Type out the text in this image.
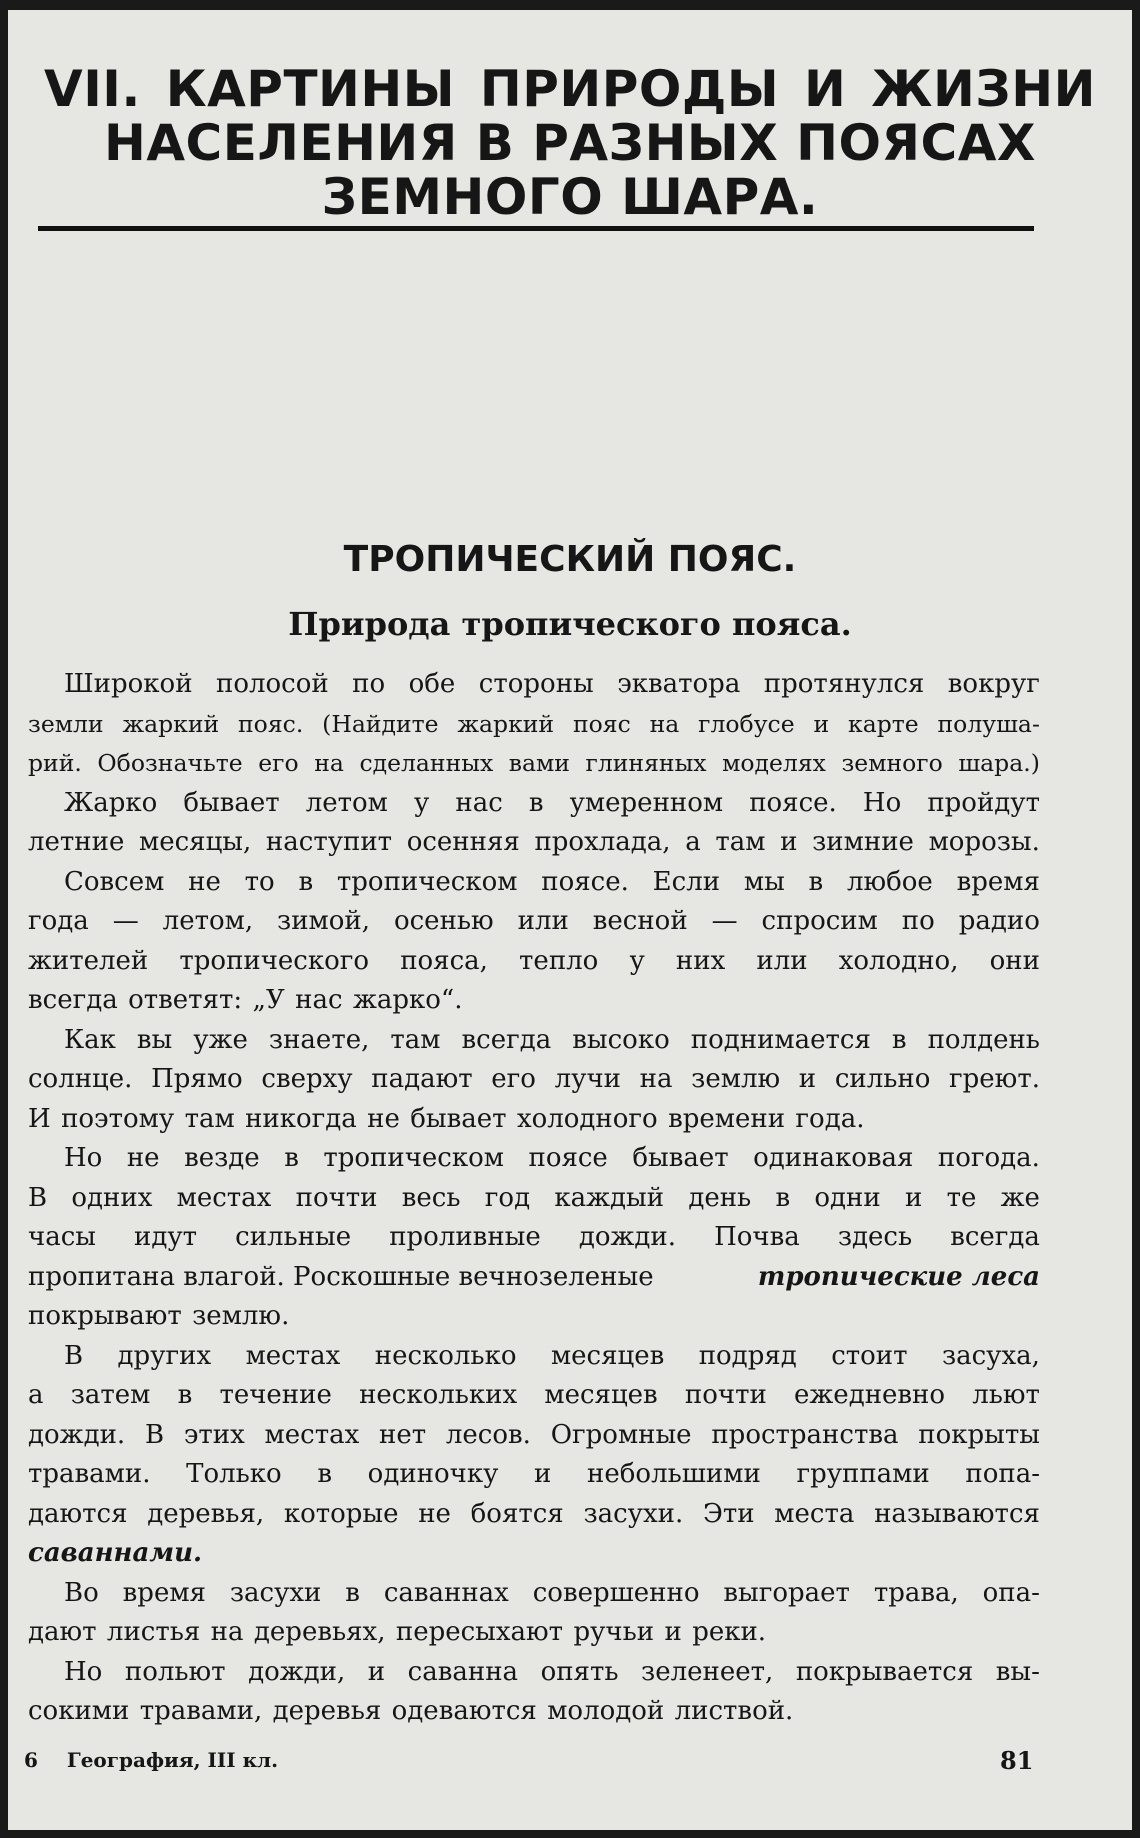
VII. КАРТИНЫ ПРИРОДЫ И ЖИЗНИ
НАСЕЛЕНИЯ В РАЗНЫХ ПОЯСАХ
ЗЕМНОГО ШАРА.
ТРОПИЧЕСКИЙ ПОЯС.
Природа тропического пояса.
Широкой полосой по обе стороны экватора протянулся вокруг
земли жаркий пояс. (Найдите жаркий пояс на глобусе и карте полуша-
рий. Обозначьте его на сделанных вами глиняных моделях земного шара.)
Жарко бывает летом у нас в умеренном поясе. Но пройдут
летние месяцы, наступит осенняя прохлада, а там и зимние морозы.
Совсем не то в тропическом поясе. Если мы в любое время
года — летом, зимой, осенью или весной — спросим по радио
жителей тропического пояса, тепло у них или холодно, они
всегда ответят: „У нас жарко“.
Как вы уже знаете, там всегда высоко поднимается в полдень
солнце. Прямо сверху падают его лучи на землю и сильно греют.
И поэтому там никогда не бывает холодного времени года.
Но не везде в тропическом поясе бывает одинаковая погода.
В одних местах почти весь год каждый день в одни и те же
часы идут сильные проливные дожди. Почва здесь всегда
пропитана влагой. Роскошные вечнозеленые	тропические леса
покрывают землю.
В других местах несколько месяцев подряд стоит засуха,
а затем в течение нескольких месяцев почти ежедневно льют
дожди. В этих местах нет лесов. Огромные пространства покрыты
травами. Только в одиночку и небольшими группами попа-
даются деревья, которые не боятся засухи. Эти места называются
саваннами.
Во время засухи в саваннах совершенно выгорает трава, опа-
дают листья на деревьях, пересыхают ручьи и реки.
Но польют дожди, и саванна опять зеленеет, покрывается вы-
сокими травами, деревья одеваются молодой листвой.
6 География, III кл.	81
